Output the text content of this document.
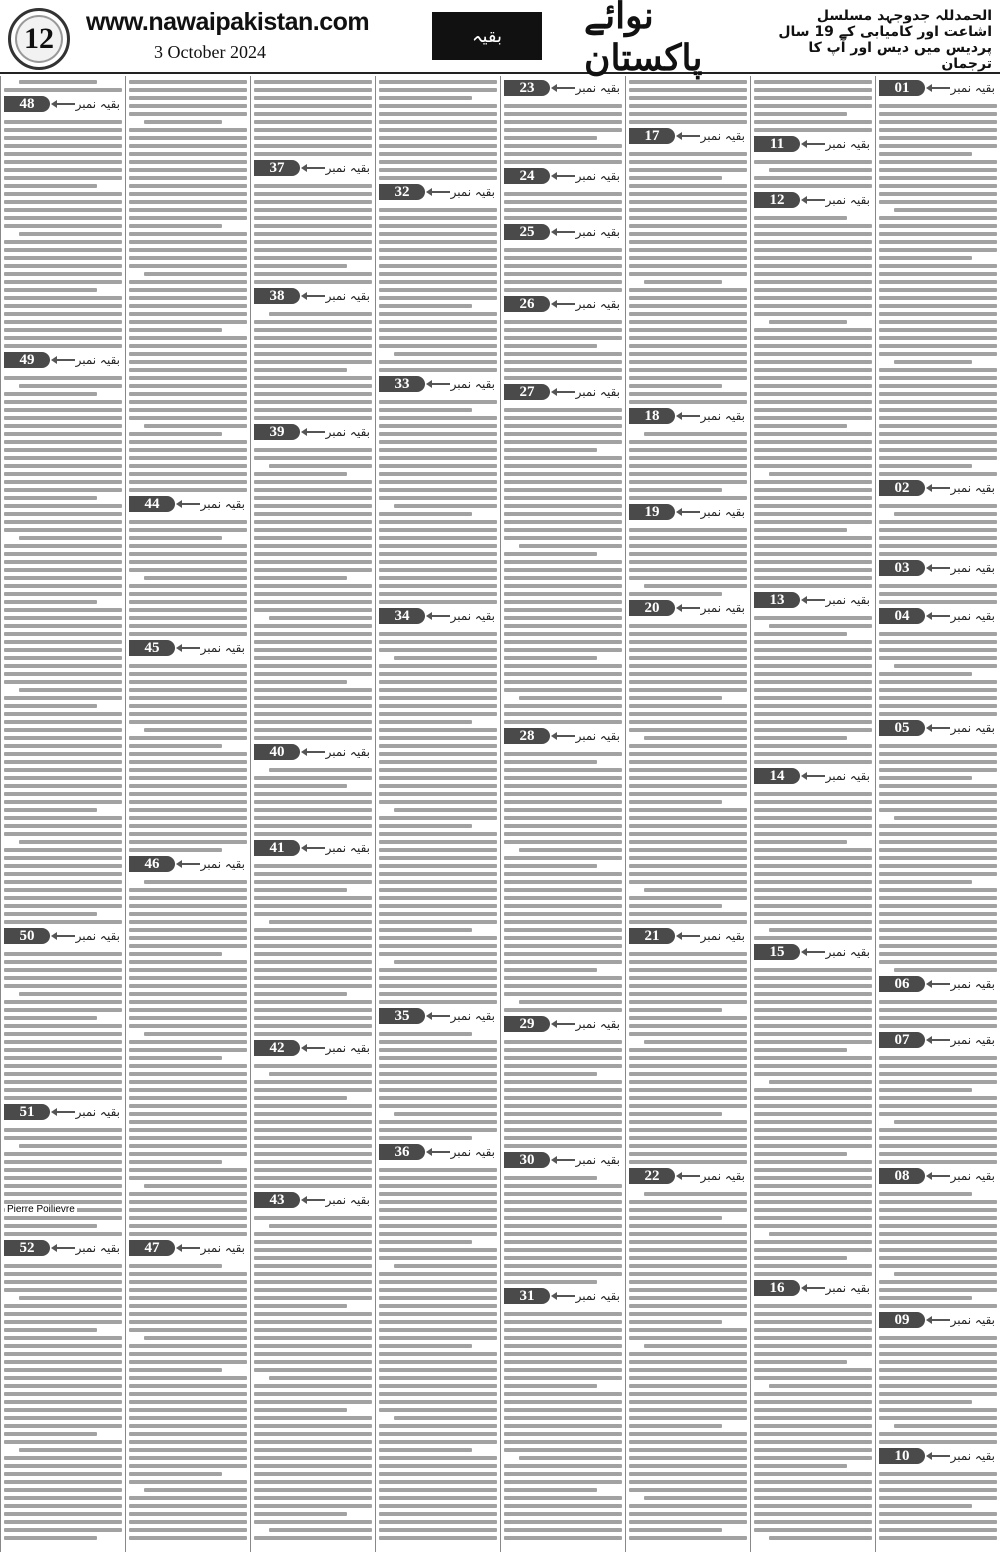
12	www.nawaipakistan.com
3 October 2024
بقیہ	نوائے پاکستان
الحمدللہ جدوجہد مسلسل اشاعت اور کامیابی کے 19 سال
پردیس میں دیس اور آپ کا ترجمان
48	بقیہ نمبر
49	بقیہ نمبر
50	بقیہ نمبر
51	بقیہ نمبر
52	بقیہ نمبر
Pierre Poilievre
44	بقیہ نمبر
45	بقیہ نمبر
46	بقیہ نمبر
47	بقیہ نمبر
37	بقیہ نمبر
38	بقیہ نمبر
39	بقیہ نمبر
40	بقیہ نمبر
41	بقیہ نمبر
42	بقیہ نمبر
43	بقیہ نمبر
32	بقیہ نمبر
33	بقیہ نمبر
34	بقیہ نمبر
35	بقیہ نمبر
36	بقیہ نمبر
23	بقیہ نمبر
24	بقیہ نمبر
25	بقیہ نمبر
26	بقیہ نمبر
27	بقیہ نمبر
28	بقیہ نمبر
29	بقیہ نمبر
30	بقیہ نمبر
31	بقیہ نمبر
17	بقیہ نمبر
18	بقیہ نمبر
19	بقیہ نمبر
20	بقیہ نمبر
21	بقیہ نمبر
22	بقیہ نمبر
11	بقیہ نمبر
12	بقیہ نمبر
13	بقیہ نمبر
14	بقیہ نمبر
15	بقیہ نمبر
16	بقیہ نمبر
01	بقیہ نمبر
02	بقیہ نمبر
03	بقیہ نمبر
04	بقیہ نمبر
05	بقیہ نمبر
06	بقیہ نمبر
07	بقیہ نمبر
08	بقیہ نمبر
09	بقیہ نمبر
10	بقیہ نمبر
